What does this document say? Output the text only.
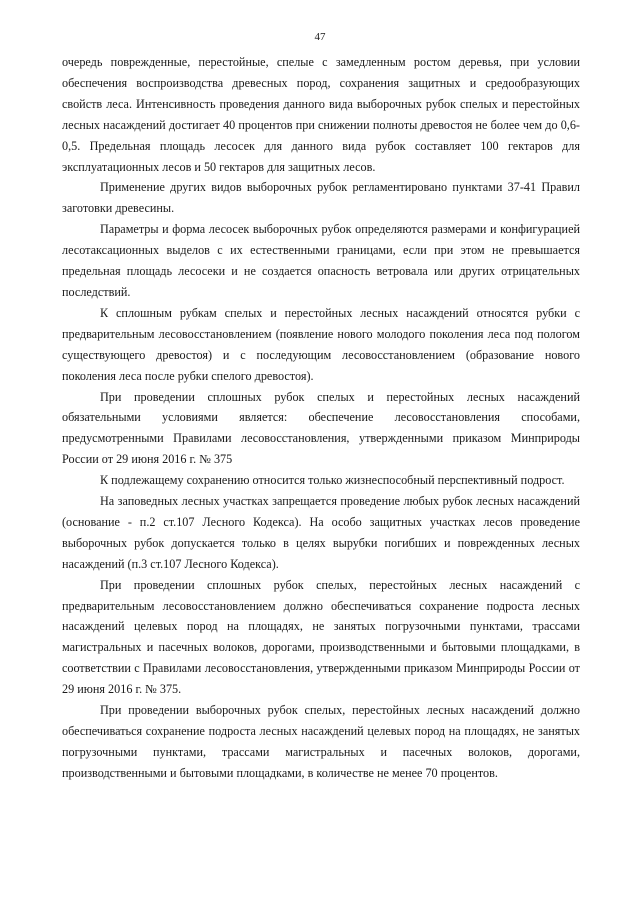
47

очередь поврежденные, перестойные, спелые с замедленным ростом деревья, при условии обеспечения воспроизводства древесных пород, сохранения защитных и средообразующих свойств леса. Интенсивность проведения данного вида выборочных рубок спелых и перестойных лесных насаждений достигает 40 процентов при снижении полноты древостоя не более чем до 0,6-0,5. Предельная площадь лесосек для данного вида рубок составляет 100 гектаров для эксплуатационных лесов и 50 гектаров для защитных лесов.

Применение других видов выборочных рубок регламентировано пунктами 37-41 Правил заготовки древесины.

Параметры и форма лесосек выборочных рубок определяются размерами и конфигурацией лесотаксационных выделов с их естественными границами, если при этом не превышается предельная площадь лесосеки и не создается опасность ветровала или других отрицательных последствий.

К сплошным рубкам спелых и перестойных лесных насаждений относятся рубки с предварительным лесовосстановлением (появление нового молодого поколения леса под пологом существующего древостоя) и с последующим лесовосстановлением (образование нового поколения леса после рубки спелого древостоя).

При проведении сплошных рубок спелых и перестойных лесных насаждений обязательными условиями является: обеспечение лесовосстановления способами, предусмотренными Правилами лесовосстановления, утвержденными приказом Минприроды России от 29 июня 2016 г. № 375

К подлежащему сохранению относится только жизнеспособный перспективный подрост.

На заповедных лесных участках запрещается проведение любых рубок лесных насаждений (основание - п.2 ст.107 Лесного Кодекса). На особо защитных участках лесов проведение выборочных рубок допускается только в целях вырубки погибших и поврежденных лесных насаждений (п.3 ст.107 Лесного Кодекса).

При проведении сплошных рубок спелых, перестойных лесных насаждений с предварительным лесовосстановлением должно обеспечиваться сохранение подроста лесных насаждений целевых пород на площадях, не занятых погрузочными пунктами, трассами магистральных и пасечных волоков, дорогами, производственными и бытовыми площадками, в соответствии с Правилами лесовосстановления, утвержденными приказом Минприроды России от 29 июня 2016 г. № 375.

При проведении выборочных рубок спелых, перестойных лесных насаждений должно обеспечиваться сохранение подроста лесных насаждений целевых пород на площадях, не занятых погрузочными пунктами, трассами магистральных и пасечных волоков, дорогами, производственными и бытовыми площадками, в количестве не менее 70 процентов.
